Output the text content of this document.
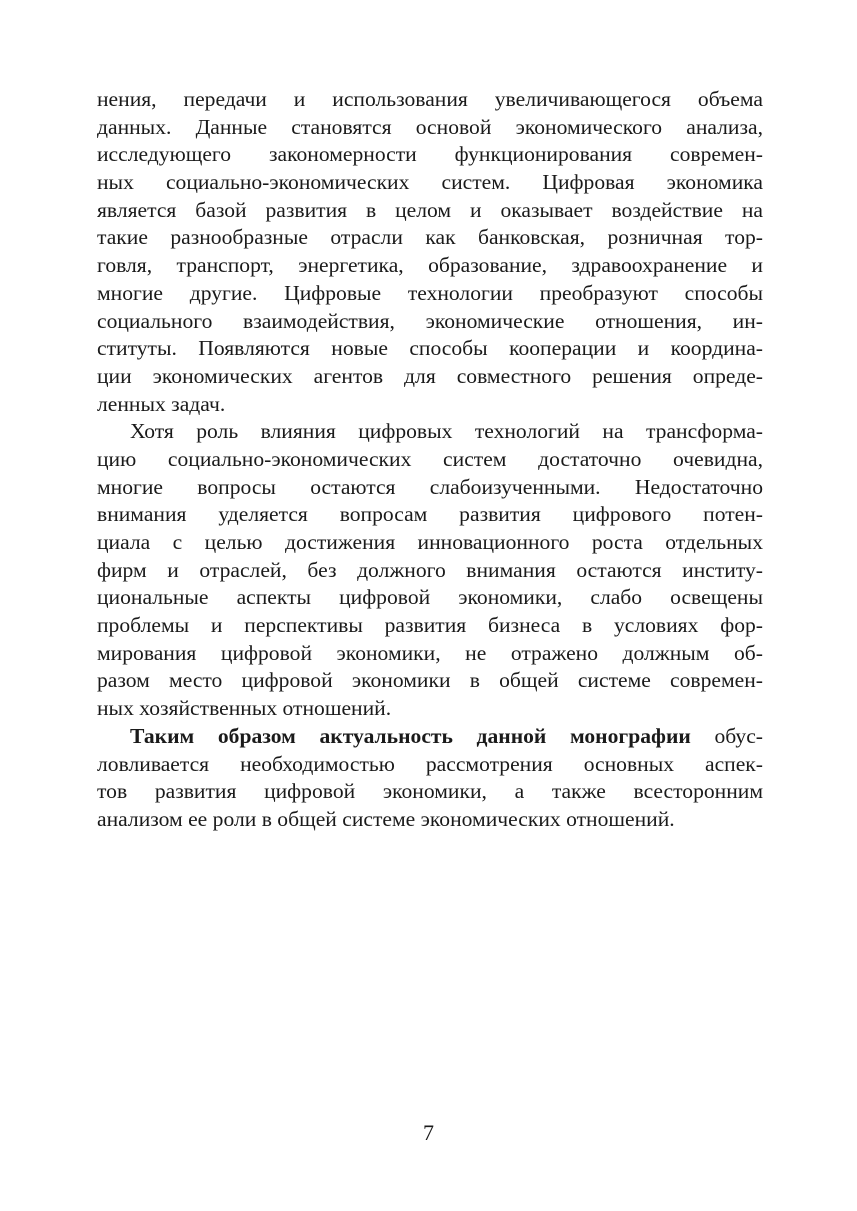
нения, передачи и использования увеличивающегося объема
данных. Данные становятся основой экономического анализа,
исследующего закономерности функционирования современ-
ных социально-экономических систем. Цифровая экономика
является базой развития в целом и оказывает воздействие на
такие разнообразные отрасли как банковская, розничная тор-
говля, транспорт, энергетика, образование, здравоохранение и
многие другие. Цифровые технологии преобразуют способы
социального взаимодействия, экономические отношения, ин-
ституты. Появляются новые способы кооперации и координа-
ции экономических агентов для совместного решения опреде-
ленных задач.
Хотя роль влияния цифровых технологий на трансформа-
цию социально-экономических систем достаточно очевидна,
многие вопросы остаются слабоизученными. Недостаточно
внимания уделяется вопросам развития цифрового потен-
циала с целью достижения инновационного роста отдельных
фирм и отраслей, без должного внимания остаются институ-
циональные аспекты цифровой экономики, слабо освещены
проблемы и перспективы развития бизнеса в условиях фор-
мирования цифровой экономики, не отражено должным об-
разом место цифровой экономики в общей системе современ-
ных хозяйственных отношений.
Таким образом актуальность данной монографии обус-
ловливается необходимостью рассмотрения основных аспек-
тов развития цифровой экономики, а также всесторонним
анализом ее роли в общей системе экономических отношений.
7
